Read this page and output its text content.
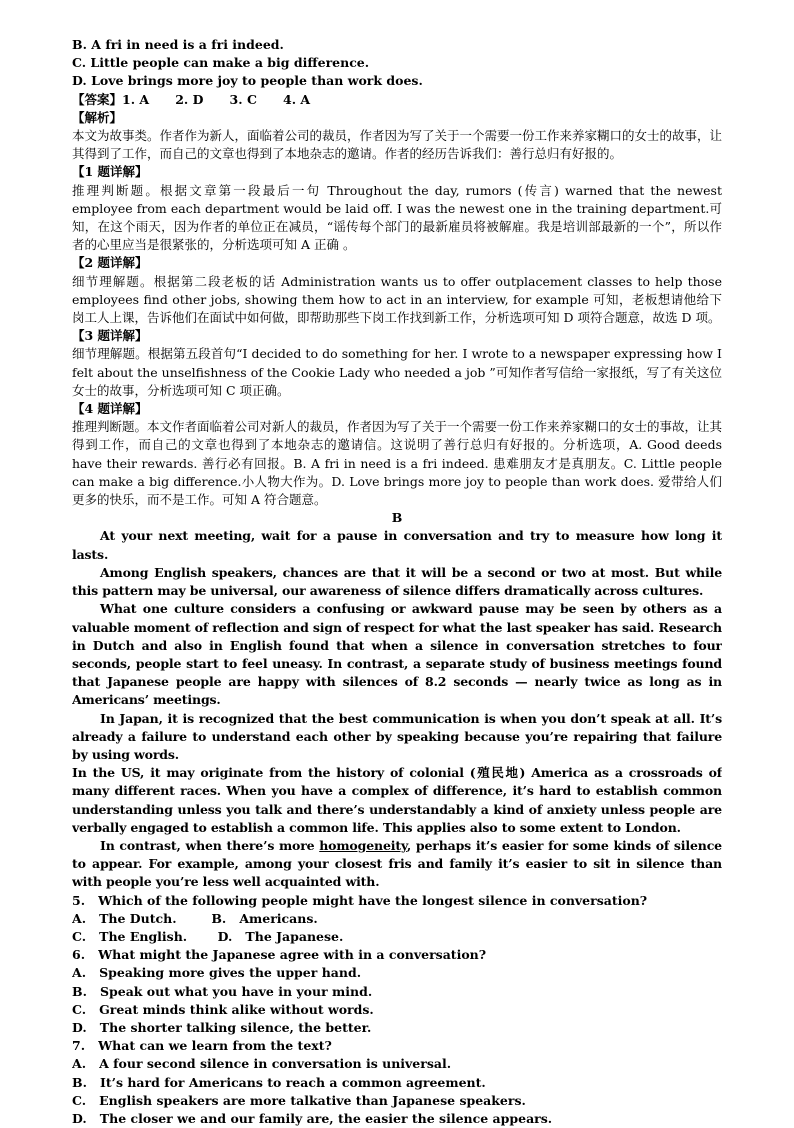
B. A fri in need is a fri indeed.
C. Little people can make a big difference.
D. Love brings more joy to people than work does.
【答案】1. A      2. D      3. C      4. A
【解析】
本文为故事类。作者作为新人，面临着公司的裁员，作者因为写了关于一个需要一份工作来养家糊口的女士的故事，让其得到了工作，而自己的文章也得到了本地杂志的邀请。作者的经历告诉我们：善行总归有好报的。
【1 题详解】
推理判断题。根据文章第一段最后一句 Throughout the day, rumors (传言) warned that the newest employee from each department would be laid off. I was the newest one in the training department.可知，在这个雨天，因为作者的单位正在减员，“谣传每个部门的最新雇员将被解雇。我是培训部最新的一个”，所以作者的心里应当是很紧张的，分析选项可知 A 正确 。
【2 题详解】
细节理解题。根据第二段老板的话 Administration wants us to offer outplacement classes to help those employees find other jobs, showing them how to act in an interview, for example 可知，老板想请他给下岗工人上课，告诉他们在面试中如何做，即帮助那些下岗工作找到新工作，分析选项可知 D 项符合题意，故选 D 项。
【3 题详解】
细节理解题。根据第五段首句“I decided to do something for her. I wrote to a newspaper expressing how I felt about the unselfishness of the Cookie Lady who needed a job ”可知作者写信给一家报纸，写了有关这位女士的故事，分析选项可知 C 项正确。
【4 题详解】
推理判断题。本文作者面临着公司对新人的裁员，作者因为写了关于一个需要一份工作来养家糊口的女士的事故，让其得到工作，而自己的文章也得到了本地杂志的邀请信。这说明了善行总归有好报的。分析选项，A. Good deeds have their rewards. 善行必有回报。B. A fri in need is a fri indeed. 患难朋友才是真朋友。C. Little people can make a big difference.小人物大作为。D. Love brings more joy to people than work does. 爱带给人们更多的快乐，而不是工作。可知 A 符合题意。
B
At your next meeting, wait for a pause in conversation and try to measure how long it lasts.
Among English speakers, chances are that it will be a second or two at most. But while this pattern may be universal, our awareness of silence differs dramatically across cultures.
What one culture considers a confusing or awkward pause may be seen by others as a valuable moment of reflection and sign of respect for what the last speaker has said. Research in Dutch and also in English found that when a silence in conversation stretches to four seconds, people start to feel uneasy. In contrast, a separate study of business meetings found that Japanese people are happy with silences of 8.2 seconds — nearly twice as long as in Americans’ meetings.
In Japan, it is recognized that the best communication is when you don’t speak at all. It’s already a failure to understand each other by speaking because you’re repairing that failure by using words.
In the US, it may originate from the history of colonial (殖民地) America as a crossroads of many different races. When you have a complex of difference, it’s hard to establish common understanding unless you talk and there’s understandably a kind of anxiety unless people are verbally engaged to establish a common life. This applies also to some extent to London.
In contrast, when there’s more homogeneity, perhaps it’s easier for some kinds of silence to appear. For example, among your closest fris and family it’s easier to sit in silence than with people you’re less well acquainted with.
5.   Which of the following people might have the longest silence in conversation?
A.   The Dutch.        B.   Americans.
C.   The English.       D.   The Japanese.
6.   What might the Japanese agree with in a conversation?
A.   Speaking more gives the upper hand.
B.   Speak out what you have in your mind.
C.   Great minds think alike without words.
D.   The shorter talking silence, the better.
7.   What can we learn from the text?
A.   A four second silence in conversation is universal.
B.   It’s hard for Americans to reach a common agreement.
C.   English speakers are more talkative than Japanese speakers.
D.   The closer we and our family are, the easier the silence appears.
